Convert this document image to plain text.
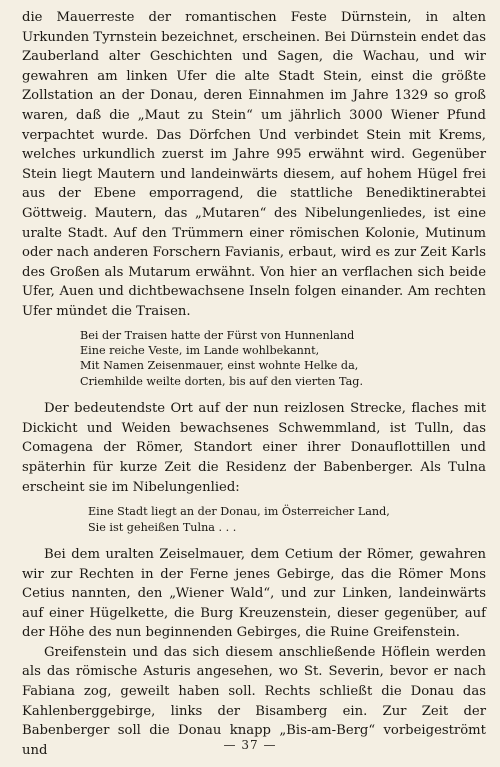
die Mauerreste der romantischen Feste Dürnstein, in alten Urkunden Tyrnstein bezeichnet, erscheinen. Bei Dürnstein endet das Zauberland alter Geschichten und Sagen, die Wachau, und wir gewahren am linken Ufer die alte Stadt Stein, einst die größte Zollstation an der Donau, deren Einnahmen im Jahre 1329 so groß waren, daß die „Maut zu Stein“ um jährlich 3000 Wiener Pfund verpachtet wurde. Das Dörfchen Und verbindet Stein mit Krems, welches urkundlich zuerst im Jahre 995 erwähnt wird. Gegenüber Stein liegt Mautern und landeinwärts diesem, auf hohem Hügel frei aus der Ebene emporragend, die stattliche Benediktinerabtei Göttweig. Mautern, das „Mutaren“ des Nibelungenliedes, ist eine uralte Stadt. Auf den Trümmern einer römischen Kolonie, Mutinum oder nach anderen Forschern Favianis, erbaut, wird es zur Zeit Karls des Großen als Mutarum erwähnt. Von hier an verflachen sich beide Ufer, Auen und dichtbewachsene Inseln folgen einander. Am rechten Ufer mündet die Traisen.

Bei der Traisen hatte der Fürst von Hunnenland
Eine reiche Veste, im Lande wohlbekannt,
Mit Namen Zeisenmauer, einst wohnte Helke da,
Criemhilde weilte dorten, bis auf den vierten Tag.

Der bedeutendste Ort auf der nun reizlosen Strecke, flaches mit Dickicht und Weiden bewachsenes Schwemmland, ist Tulln, das Comagena der Römer, Standort einer ihrer Donauflottillen und späterhin für kurze Zeit die Residenz der Babenberger. Als Tulna erscheint sie im Nibelungenlied:

Eine Stadt liegt an der Donau, im Österreicher Land,
Sie ist geheißen Tulna . . .

Bei dem uralten Zeiselmauer, dem Cetium der Römer, gewahren wir zur Rechten in der Ferne jenes Gebirge, das die Römer Mons Cetius nannten, den „Wiener Wald“, und zur Linken, landeinwärts auf einer Hügelkette, die Burg Kreuzenstein, dieser gegenüber, auf der Höhe des nun beginnenden Gebirges, die Ruine Greifenstein.

Greifenstein und das sich diesem anschließende Höflein werden als das römische Asturis angesehen, wo St. Severin, bevor er nach Fabiana zog, geweilt haben soll. Rechts schließt die Donau das Kahlenberggebirge, links der Bisamberg ein. Zur Zeit der Babenberger soll die Donau knapp „Bis-am-Berg“ vorbeigeströmt und	— 37 —
